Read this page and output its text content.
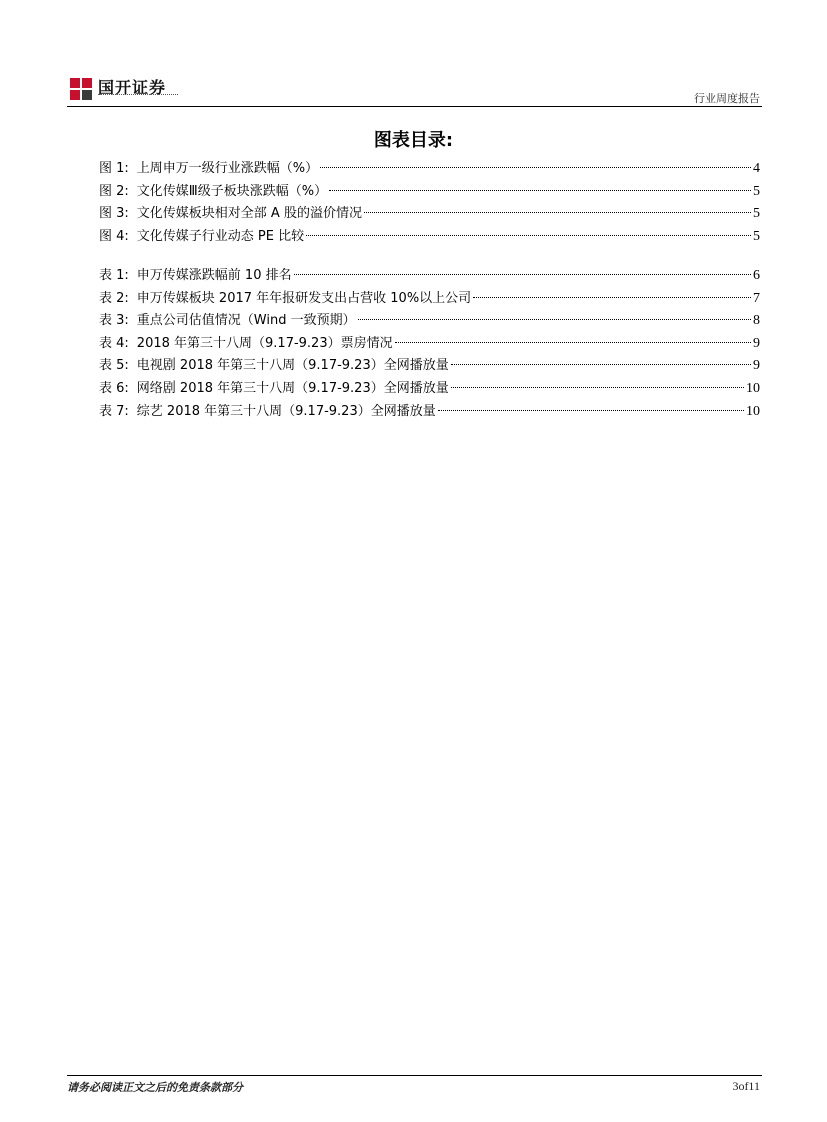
国开证券
行业周度报告
图表目录:
图 1: 上周申万一级行业涨跌幅（%）	4
图 2: 文化传媒Ⅲ级子板块涨跌幅（%）	5
图 3: 文化传媒板块相对全部 A 股的溢价情况	5
图 4: 文化传媒子行业动态 PE 比较	5
表 1: 申万传媒涨跌幅前 10 排名	6
表 2: 申万传媒板块 2017 年年报研发支出占营收 10%以上公司	7
表 3: 重点公司估值情况（Wind 一致预期）	8
表 4: 2018 年第三十八周（9.17-9.23）票房情况	9
表 5: 电视剧 2018 年第三十八周（9.17-9.23）全网播放量	9
表 6: 网络剧 2018 年第三十八周（9.17-9.23）全网播放量	10
表 7: 综艺 2018 年第三十八周（9.17-9.23）全网播放量	10
请务必阅读正文之后的免责条款部分	3of11
